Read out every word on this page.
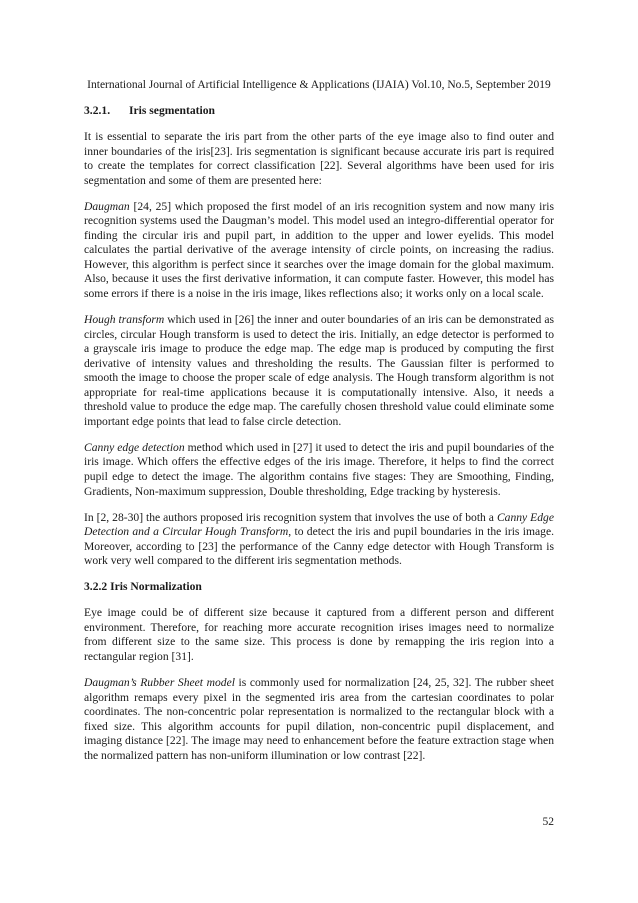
International Journal of Artificial Intelligence & Applications (IJAIA) Vol.10, No.5, September 2019
3.2.1. Iris segmentation

It is essential to separate the iris part from the other parts of the eye image also to find outer and inner boundaries of the iris[23]. Iris segmentation is significant because accurate iris part is required to create the templates for correct classification [22]. Several algorithms have been used for iris segmentation and some of them are presented here:

Daugman [24, 25] which proposed the first model of an iris recognition system and now many iris recognition systems used the Daugman’s model. This model used an integro-differential operator for finding the circular iris and pupil part, in addition to the upper and lower eyelids. This model calculates the partial derivative of the average intensity of circle points, on increasing the radius. However, this algorithm is perfect since it searches over the image domain for the global maximum. Also, because it uses the first derivative information, it can compute faster. However, this model has some errors if there is a noise in the iris image, likes reflections also; it works only on a local scale.

Hough transform which used in [26] the inner and outer boundaries of an iris can be demonstrated as circles, circular Hough transform is used to detect the iris. Initially, an edge detector is performed to a grayscale iris image to produce the edge map. The edge map is produced by computing the first derivative of intensity values and thresholding the results. The Gaussian filter is performed to smooth the image to choose the proper scale of edge analysis. The Hough transform algorithm is not appropriate for real-time applications because it is computationally intensive. Also, it needs a threshold value to produce the edge map. The carefully chosen threshold value could eliminate some important edge points that lead to false circle detection.

Canny edge detection method which used in [27] it used to detect the iris and pupil boundaries of the iris image. Which offers the effective edges of the iris image. Therefore, it helps to find the correct pupil edge to detect the image. The algorithm contains five stages: They are Smoothing, Finding, Gradients, Non-maximum suppression, Double thresholding, Edge tracking by hysteresis.

In [2, 28-30] the authors proposed iris recognition system that involves the use of both a Canny Edge Detection and a Circular Hough Transform, to detect the iris and pupil boundaries in the iris image. Moreover, according to [23] the performance of the Canny edge detector with Hough Transform is work very well compared to the different iris segmentation methods.

3.2.2 Iris Normalization

Eye image could be of different size because it captured from a different person and different environment. Therefore, for reaching more accurate recognition irises images need to normalize from different size to the same size. This process is done by remapping the iris region into a rectangular region [31].

Daugman’s Rubber Sheet model is commonly used for normalization [24, 25, 32]. The rubber sheet algorithm remaps every pixel in the segmented iris area from the cartesian coordinates to polar coordinates. The non-concentric polar representation is normalized to the rectangular block with a fixed size. This algorithm accounts for pupil dilation, non-concentric pupil displacement, and imaging distance [22]. The image may need to enhancement before the feature extraction stage when the normalized pattern has non-uniform illumination or low contrast [22].

52
